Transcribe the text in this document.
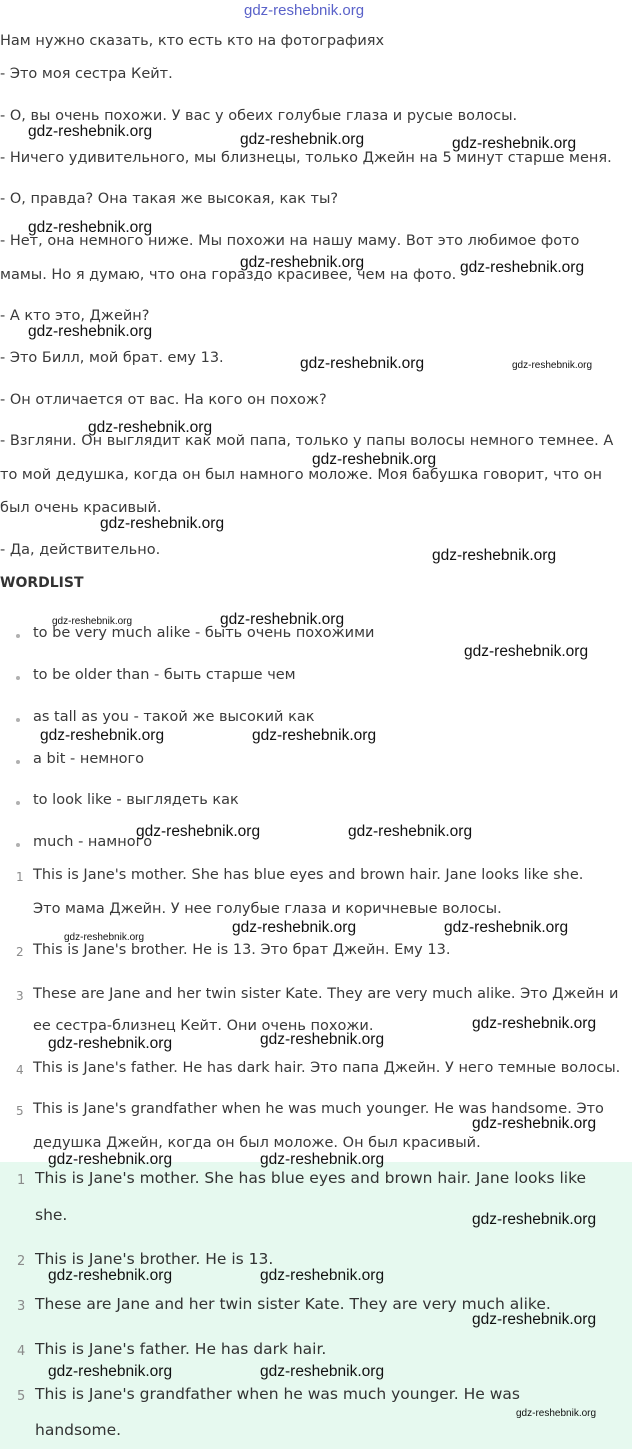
gdz-reshebnik.org
Нам нужно сказать, кто есть кто на фотографиях
- Это моя сестра Кейт.
- О, вы очень похожи. У вас у обеих голубые глаза и русые волосы.
- Ничего удивительного, мы близнецы, только Джейн на 5 минут старше меня.
- О, правда? Она такая же высокая, как ты?
- Нет, она немного ниже. Мы похожи на нашу маму. Вот это любимое фото
мамы. Но я думаю, что она гораздо красивее, чем на фото.
- А кто это, Джейн?
- Это Билл, мой брат. ему 13.
- Он отличается от вас. На кого он похож?
- Взгляни. Он выглядит как мой папа, только у папы волосы немного темнее. А
то мой дедушка, когда он был намного моложе. Моя бабушка говорит, что он
был очень красивый.
- Да, действительно.
WORDLIST
to be very much alike - быть очень похожими
to be older than - быть старше чем
as tall as you - такой же высокий как
a bit - немного
to look like - выглядеть как
much - намного
1 This is Jane's mother. She has blue eyes and brown hair. Jane looks like she.
Это мама Джейн. У нее голубые глаза и коричневые волосы.
2 This is Jane's brother. He is 13. Это брат Джейн. Ему 13.
3 These are Jane and her twin sister Kate. They are very much alike. Это Джейн и
ее сестра-близнец Кейт. Они очень похожи.
4 This is Jane's father. He has dark hair. Это папа Джейн. У него темные волосы.
5 This is Jane's grandfather when he was much younger. He was handsome. Это
дедушка Джейн, когда он был моложе. Он был красивый.
1 This is Jane's mother. She has blue eyes and brown hair. Jane looks like
she.
2 This is Jane's brother. He is 13.
3 These are Jane and her twin sister Kate. They are very much alike.
4 This is Jane's father. He has dark hair.
5 This is Jane's grandfather when he was much younger. He was
handsome.
gdz-reshebnik.org	gdz-reshebnik.org	gdz-reshebnik.org
gdz-reshebnik.org
gdz-reshebnik.org	gdz-reshebnik.org
gdz-reshebnik.org
gdz-reshebnik.org	gdz-reshebnik.org
gdz-reshebnik.org
gdz-reshebnik.org
gdz-reshebnik.org
gdz-reshebnik.org
gdz-reshebnik.org	gdz-reshebnik.org
gdz-reshebnik.org
gdz-reshebnik.org	gdz-reshebnik.org
gdz-reshebnik.org	gdz-reshebnik.org
gdz-reshebnik.org	gdz-reshebnik.org
gdz-reshebnik.org
gdz-reshebnik.org
gdz-reshebnik.org	gdz-reshebnik.org
gdz-reshebnik.org
gdz-reshebnik.org	gdz-reshebnik.org
gdz-reshebnik.org
gdz-reshebnik.org	gdz-reshebnik.org
gdz-reshebnik.org
gdz-reshebnik.org	gdz-reshebnik.org
gdz-reshebnik.org
